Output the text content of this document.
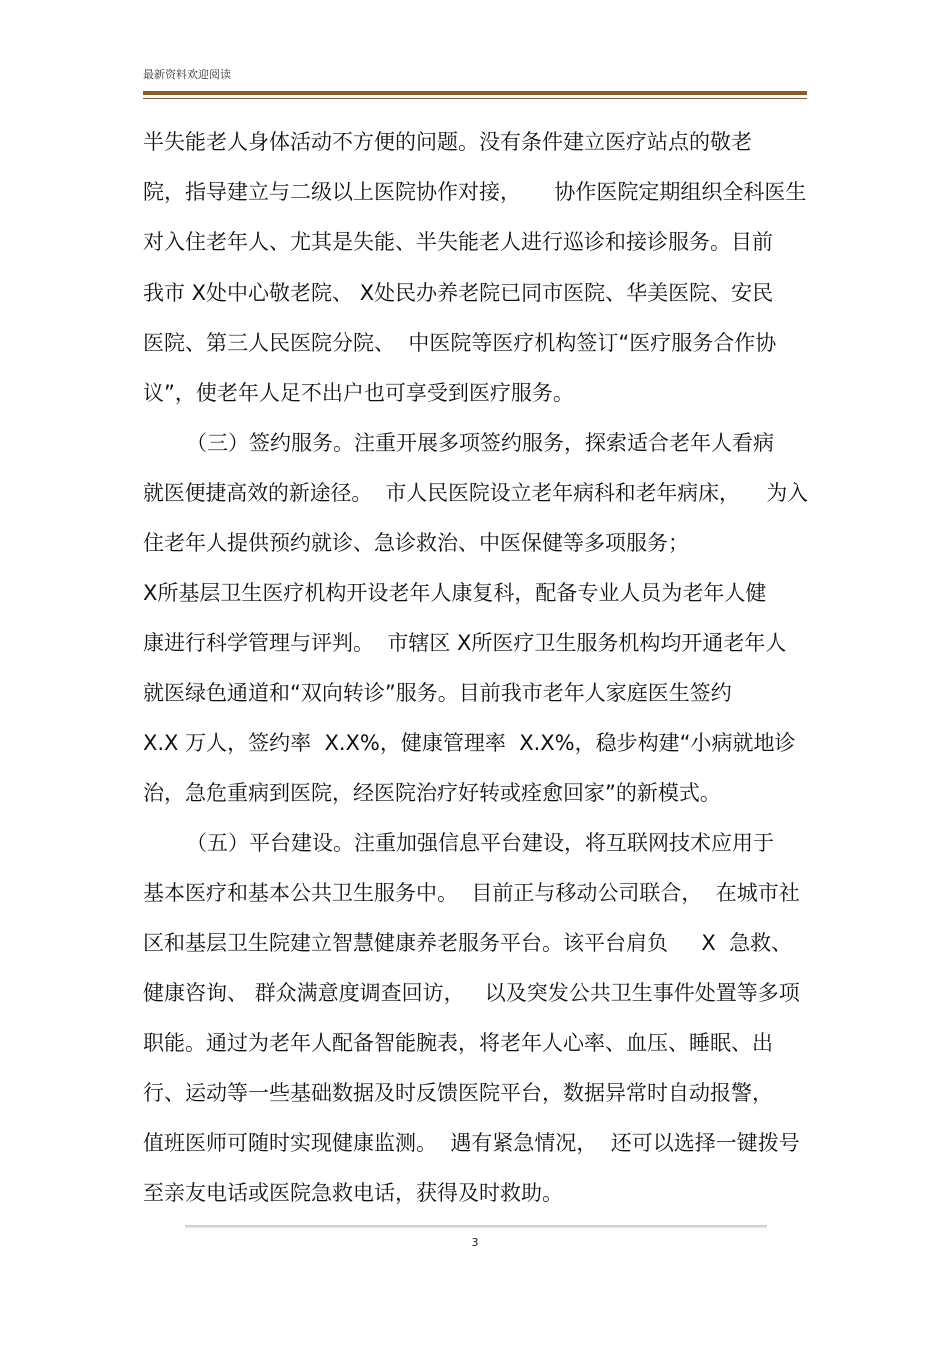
最新资料欢迎阅读
半失能老人身体活动不方便的问题。没有条件建立医疗站点的敬老
院，指导建立与二级以上医院协作对接，     协作医院定期组织全科医生
对入住老年人、尤其是失能、半失能老人进行巡诊和接诊服务。目前
我市 X处中心敬老院、 X处民办养老院已同市医院、华美医院、安民
医院、第三人民医院分院、  中医院等医疗机构签订“医疗服务合作协
议”，使老年人足不出户也可享受到医疗服务。
（三）签约服务。注重开展多项签约服务，探索适合老年人看病
就医便捷高效的新途径。  市人民医院设立老年病科和老年病床，    为入
住老年人提供预约就诊、急诊救治、中医保健等多项服务；
X所基层卫生医疗机构开设老年人康复科，配备专业人员为老年人健
康进行科学管理与评判。  市辖区 X所医疗卫生服务机构均开通老年人
就医绿色通道和“双向转诊”服务。目前我市老年人家庭医生签约
X.X 万人，签约率  X.X%，健康管理率  X.X%，稳步构建“小病就地诊
治，急危重病到医院，经医院治疗好转或痊愈回家”的新模式。
（五）平台建设。注重加强信息平台建设，将互联网技术应用于
基本医疗和基本公共卫生服务中。  目前正与移动公司联合，  在城市社
区和基层卫生院建立智慧健康养老服务平台。该平台肩负     X  急救、
健康咨询、 群众满意度调查回访，   以及突发公共卫生事件处置等多项
职能。通过为老年人配备智能腕表，将老年人心率、血压、睡眠、出
行、运动等一些基础数据及时反馈医院平台，数据异常时自动报警，
值班医师可随时实现健康监测。  遇有紧急情况，  还可以选择一键拨号
至亲友电话或医院急救电话，获得及时救助。
3
